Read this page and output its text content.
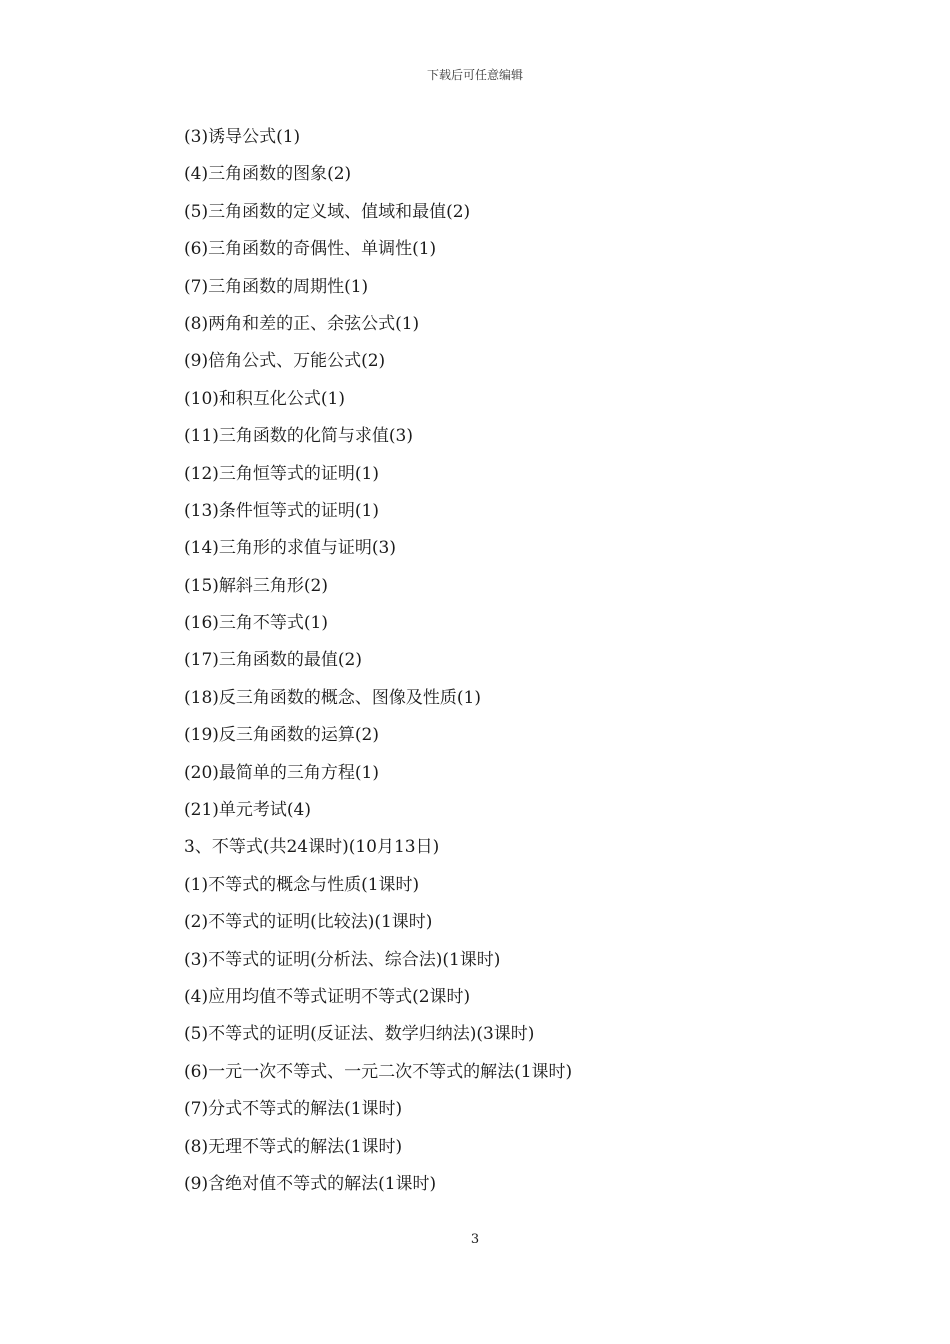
下载后可任意编辑
(3)诱导公式(1)
(4)三角函数的图象(2)
(5)三角函数的定义域、值域和最值(2)
(6)三角函数的奇偶性、单调性(1)
(7)三角函数的周期性(1)
(8)两角和差的正、余弦公式(1)
(9)倍角公式、万能公式(2)
(10)和积互化公式(1)
(11)三角函数的化简与求值(3)
(12)三角恒等式的证明(1)
(13)条件恒等式的证明(1)
(14)三角形的求值与证明(3)
(15)解斜三角形(2)
(16)三角不等式(1)
(17)三角函数的最值(2)
(18)反三角函数的概念、图像及性质(1)
(19)反三角函数的运算(2)
(20)最简单的三角方程(1)
(21)单元考试(4)
3、不等式(共24课时)(10月13日)
(1)不等式的概念与性质(1课时)
(2)不等式的证明(比较法)(1课时)
(3)不等式的证明(分析法、综合法)(1课时)
(4)应用均值不等式证明不等式(2课时)
(5)不等式的证明(反证法、数学归纳法)(3课时)
(6)一元一次不等式、一元二次不等式的解法(1课时)
(7)分式不等式的解法(1课时)
(8)无理不等式的解法(1课时)
(9)含绝对值不等式的解法(1课时)
3
